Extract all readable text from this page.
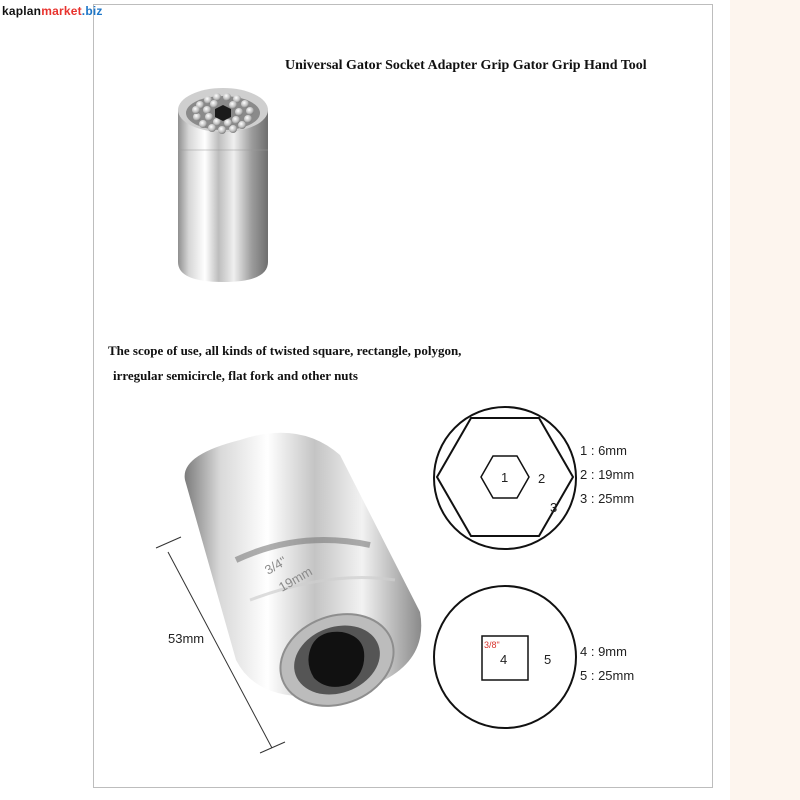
kaplanmarket.biz
Universal Gator Socket Adapter Grip Gator Grip Hand Tool
3/4"
19mm
1 2
3
3/8"
4	5
The scope of use, all kinds of twisted square, rectangle, polygon,
irregular semicircle, flat fork and other nuts
53mm
1 : 6mm
2 : 19mm
3 : 25mm
4 : 9mm
5 : 25mm
